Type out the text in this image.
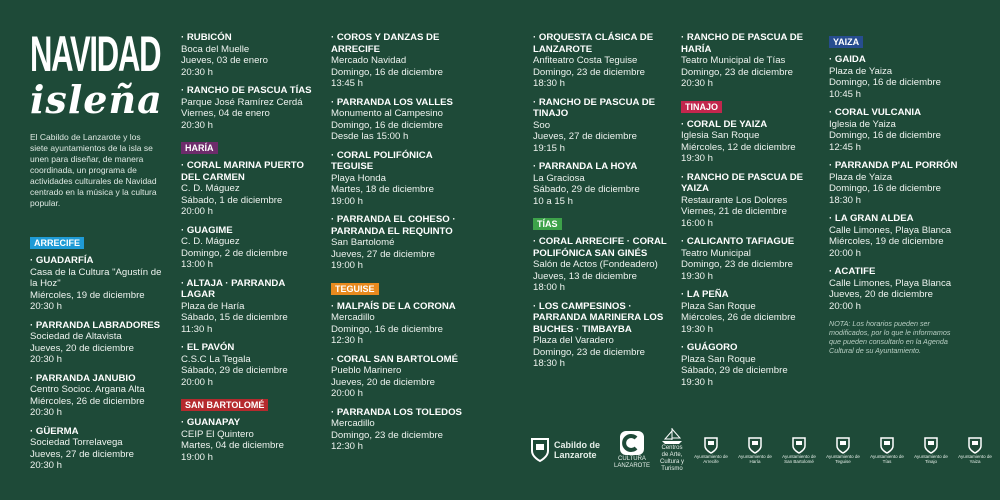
NAVIDAD
isleña
El Cabildo de Lanzarote y los siete ayuntamientos de la isla se unen para diseñar, de manera coordinada, un programa de actividades culturales de Navidad centrado en la música y la cultura popular.
ARRECIFE
· GUADARFÍA
Casa de la Cultura "Agustín de la Hoz"
Miércoles, 19 de diciembre
20:30 h
· PARRANDA LABRADORES
Sociedad de Altavista
Jueves, 20 de diciembre
20:30 h
· PARRANDA JANUBIO
Centro Socioc. Argana Alta
Miércoles, 26 de diciembre
20:30 h
· GÜERMA
Sociedad Torrelavega
Jueves, 27 de diciembre
20:30 h
· RUBICÓN
Boca del Muelle
Jueves, 03 de enero
20:30 h
· RANCHO DE PASCUA TÍAS
Parque José Ramírez Cerdá
Viernes, 04 de enero
20:30 h
HARÍA
· CORAL MARINA PUERTO DEL CARMEN
C. D. Máguez
Sábado, 1 de diciembre
20:00 h
· GUAGIME
C. D. Máguez
Domingo, 2 de diciembre
13:00 h
· ALTAJA · PARRANDA LAGAR
Plaza de Haría
Sábado, 15 de diciembre
11:30 h
· EL PAVÓN
C.S.C La Tegala
Sábado, 29 de diciembre
20:00 h
SAN BARTOLOMÉ
· GUANAPAY
CEIP El Quintero
Martes, 04 de diciembre
19:00 h
· COROS Y DANZAS DE ARRECIFE
Mercado Navidad
Domingo, 16 de diciembre
13:45 h
· PARRANDA LOS VALLES
Monumento al Campesino
Domingo, 16 de diciembre
Desde las 15:00 h
· CORAL POLIFÓNICA TEGUISE
Playa Honda
Martes, 18 de diciembre
19:00 h
· PARRANDA EL COHESO · PARRANDA EL REQUINTO
San Bartolomé
Jueves, 27 de diciembre
19:00 h
TEGUISE
· MALPAÍS DE LA CORONA
Mercadillo
Domingo, 16 de diciembre
12:30 h
· CORAL SAN BARTOLOMÉ
Pueblo Marinero
Jueves, 20 de diciembre
20:00 h
· PARRANDA LOS TOLEDOS
Mercadillo
Domingo, 23 de diciembre
12:30 h
· ORQUESTA CLÁSICA DE LANZAROTE
Anfiteatro Costa Teguise
Domingo, 23 de diciembre
18:30 h
· RANCHO DE PASCUA DE TINAJO
Soo
Jueves, 27 de diciembre
19:15 h
· PARRANDA LA HOYA
La Graciosa
Sábado, 29 de diciembre
10 a 15 h
TÍAS
· CORAL ARRECIFE · CORAL POLIFÓNICA SAN GINÉS
Salón de Actos (Fondeadero)
Jueves, 13 de diciembre
18:00 h
· LOS CAMPESINOS · PARRANDA MARINERA LOS BUCHES · TIMBAYBA
Plaza del Varadero
Domingo, 23 de diciembre
18:30 h
· RANCHO DE PASCUA DE HARÍA
Teatro Municipal de Tías
Domingo, 23 de diciembre
20:30 h
TINAJO
· CORAL DE YAIZA
Iglesia San Roque
Miércoles, 12 de diciembre
19:30 h
· RANCHO DE PASCUA DE YAIZA
Restaurante Los Dolores
Viernes, 21 de diciembre
16:00 h
· CALICANTO TAFIAGUE
Teatro Municipal
Domingo, 23 de diciembre
19:30 h
· LA PEÑA
Plaza San Roque
Miércoles, 26 de diciembre
19:30 h
· GUÁGORO
Plaza San Roque
Sábado, 29 de diciembre
19:30 h
YAIZA
· GAIDA
Plaza de Yaiza
Domingo, 16 de diciembre
10:45 h
· CORAL VULCANIA
Iglesia de Yaiza
Domingo, 16 de diciembre
12:45 h
· PARRANDA P'AL PORRÓN
Plaza de Yaiza
Domingo, 16 de diciembre
18:30 h
· LA GRAN ALDEA
Calle Limones, Playa Blanca
Miércoles, 19 de diciembre
20:00 h
· ACATIFE
Calle Limones, Playa Blanca
Jueves, 20 de diciembre
20:00 h
NOTA: Los horarios pueden ser modificados, por lo que le informamos que pueden consultarlo en la Agenda Cultural de su Ayuntamiento.
Cabildo de Lanzarote	CULTURA LANZAROTE
Centros de Arte, Cultura y Turismo
Ayuntamiento de Arrecife
Ayuntamiento de Haría
Ayuntamiento de San Bartolomé
Ayuntamiento de Teguise
Ayuntamiento de Tías
Ayuntamiento de Tinajo
Ayuntamiento de Yaiza
